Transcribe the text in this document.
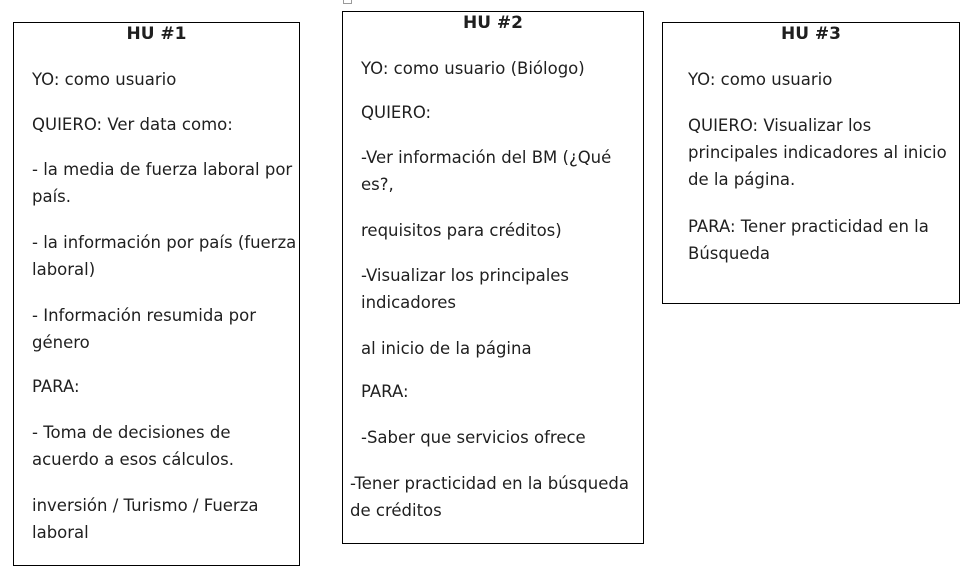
HU #1
YO: como usuario
QUIERO: Ver data como:
- la media de fuerza laboral por
país.
- la información por país (fuerza
laboral)
- Información resumida por
género
PARA:
- Toma de decisiones de
acuerdo a esos cálculos.
inversión / Turismo / Fuerza
laboral
HU #2
YO: como usuario (Biólogo)
QUIERO:
-Ver información del BM (¿Qué
es?,
requisitos para créditos)
-Visualizar los principales
indicadores
al inicio de la página
PARA:
-Saber que servicios ofrece
-Tener practicidad en la búsqueda
de créditos
HU #3
YO: como usuario
QUIERO: Visualizar los
principales indicadores al inicio
de la página.
PARA: Tener practicidad en la
Búsqueda
